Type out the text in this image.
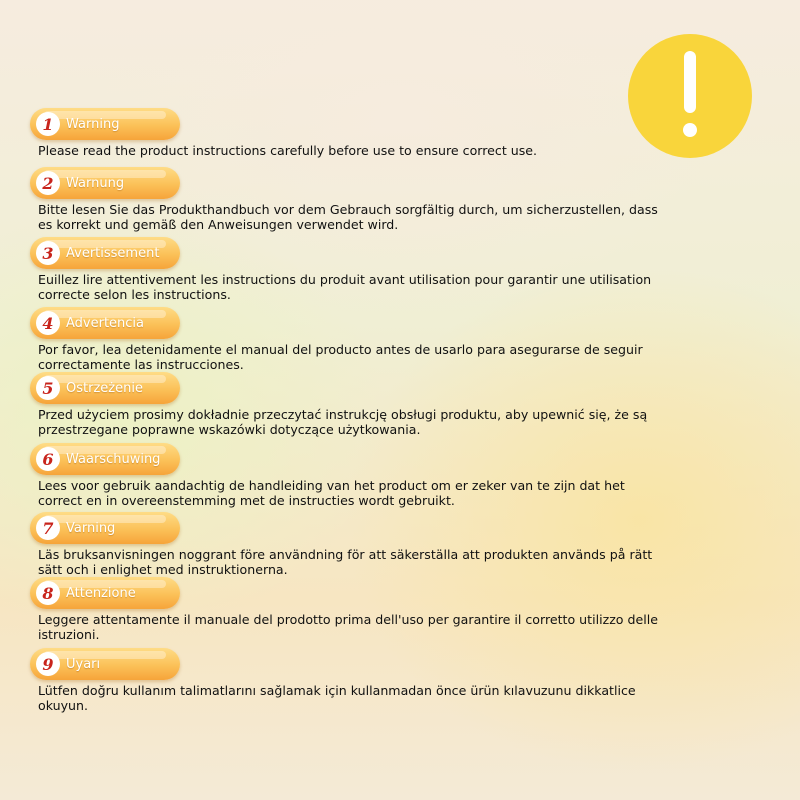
1 Warning
Please read the product instructions carefully before use to ensure correct use.
2 Warnung
Bitte lesen Sie das Produkthandbuch vor dem Gebrauch sorgfältig durch, um sicherzustellen, dass es korrekt und gemäß den Anweisungen verwendet wird.
3 Avertissement
Euillez lire attentivement les instructions du produit avant utilisation pour garantir une utilisation correcte selon les instructions.
4 Advertencia
Por favor, lea detenidamente el manual del producto antes de usarlo para asegurarse de seguir correctamente las instrucciones.
5 Ostrzeżenie
Przed użyciem prosimy dokładnie przeczytać instrukcję obsługi produktu, aby upewnić się, że są przestrzegane poprawne wskazówki dotyczące użytkowania.
6 Waarschuwing
Lees voor gebruik aandachtig de handleiding van het product om er zeker van te zijn dat het correct en in overeenstemming met de instructies wordt gebruikt.
7 Varning
Läs bruksanvisningen noggrant före användning för att säkerställa att produkten används på rätt sätt och i enlighet med instruktionerna.
8 Attenzione
Leggere attentamente il manuale del prodotto prima dell'uso per garantire il corretto utilizzo delle istruzioni.
9 Uyarı
Lütfen doğru kullanım talimatlarını sağlamak için kullanmadan önce ürün kılavuzunu dikkatlice okuyun.
